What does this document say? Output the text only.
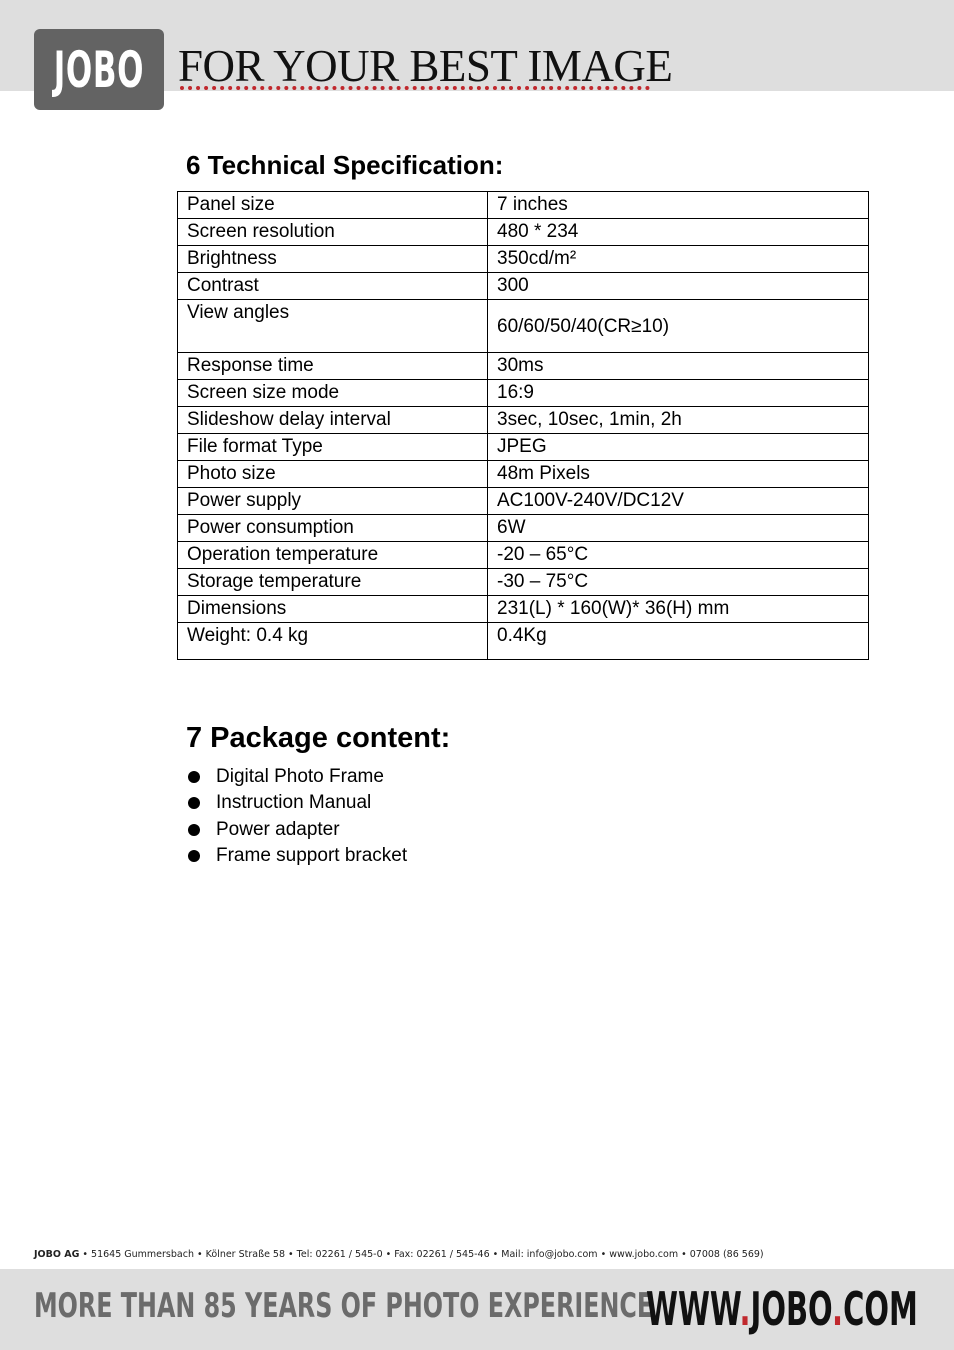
JOBO FOR YOUR BEST IMAGE
6 Technical Specification:
Panel size	7 inches
Screen resolution	480 * 234
Brightness	350cd/m²
Contrast	300
View angles	60/60/50/40(CR≥10)
Response time	30ms
Screen size mode	16:9
Slideshow delay interval	3sec, 10sec, 1min, 2h
File format Type	JPEG
Photo size	48m Pixels
Power supply	AC100V-240V/DC12V
Power consumption	6W
Operation temperature	-20 – 65°C
Storage temperature	-30 – 75°C
Dimensions	231(L) * 160(W)* 36(H) mm
Weight: 0.4 kg	0.4Kg
7 Package content:
Digital Photo Frame
Instruction Manual
Power adapter
Frame support bracket
JOBO AG • 51645 Gummersbach • Kölner Straße 58 • Tel: 02261 / 545-0 • Fax: 02261 / 545-46 • Mail: info@jobo.com • www.jobo.com • 07008 (86 569)
MORE THAN 85 YEARS OF PHOTO EXPERIENCE
WWW.JOBO.COM
